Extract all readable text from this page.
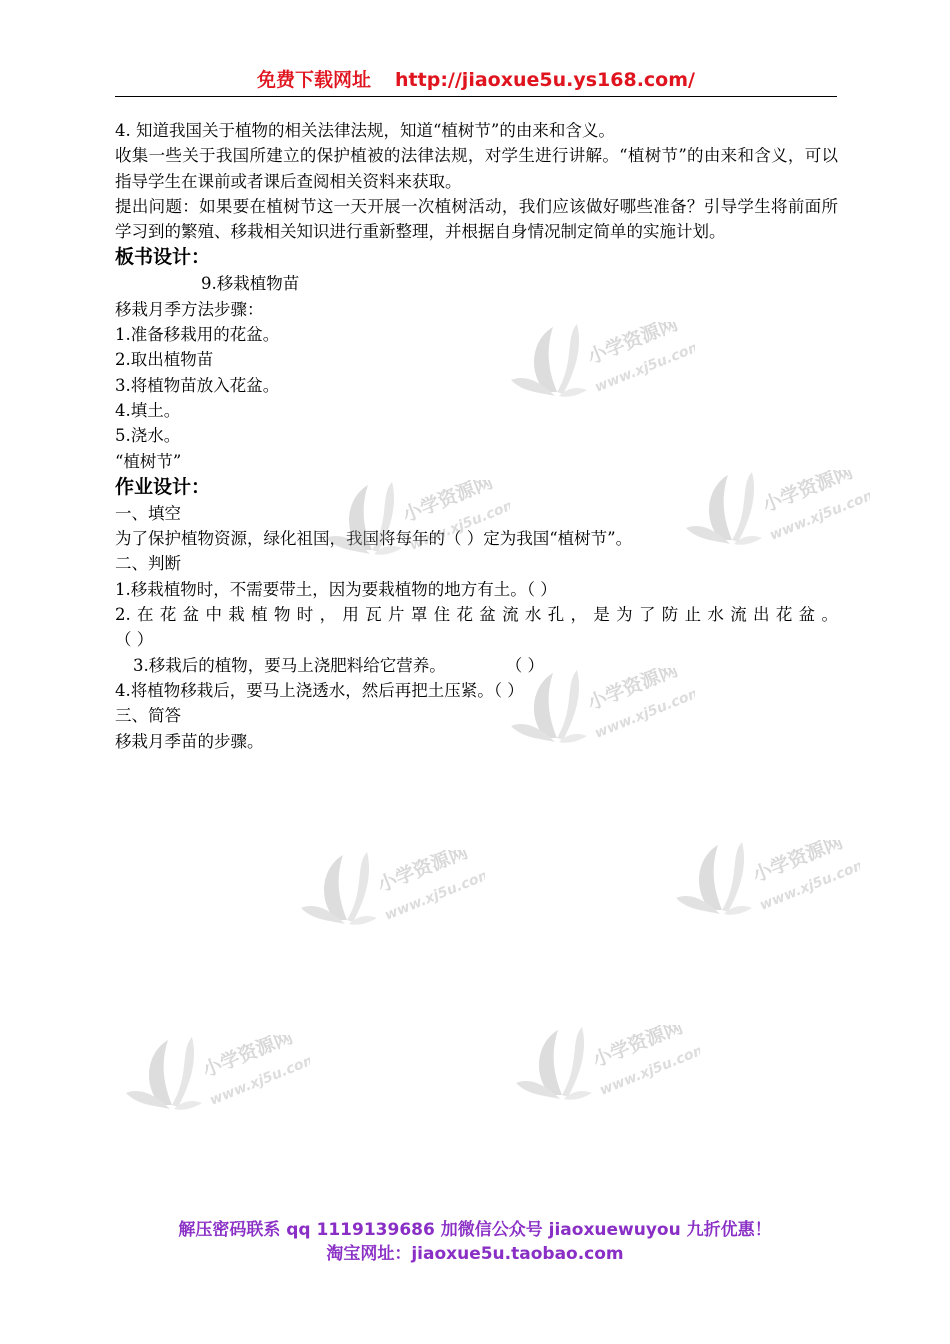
免费下载网址 http://jiaoxue5u.ys168.com/

4. 知道我国关于植物的相关法律法规，知道“植树节”的由来和含义。

收集一些关于我国所建立的保护植被的法律法规，对学生进行讲解。“植树节”的由来和含义，可以指导学生在课前或者课后查阅相关资料来获取。

提出问题：如果要在植树节这一天开展一次植树活动，我们应该做好哪些准备？引导学生将前面所学习到的繁殖、移栽相关知识进行重新整理，并根据自身情况制定简单的实施计划。

板书设计：

9.移栽植物苗

移栽月季方法步骤：

1.准备移栽用的花盆。

2.取出植物苗

3.将植物苗放入花盆。

4.填土。

5.浇水。

“植树节”

作业设计：

一、填空

为了保护植物资源，绿化祖国，我国将每年的（ ）定为我国“植树节”。

二、判断

1.移栽植物时，不需要带土，因为要栽植物的地方有土。（ ）

2.在花盆中栽植物时，用瓦片罩住花盆流水孔，是为了防止水流出花盆。

（ ）

3.移栽后的植物，要马上浇肥料给它营养。	（ ）

4.将植物移栽后，要马上浇透水，然后再把土压紧。（ ）

三、简答

移栽月季苗的步骤。

解压密码联系 qq 1119139686 加微信公众号 jiaoxuewuyou 九折优惠！
淘宝网址：jiaoxue5u.taobao.com
